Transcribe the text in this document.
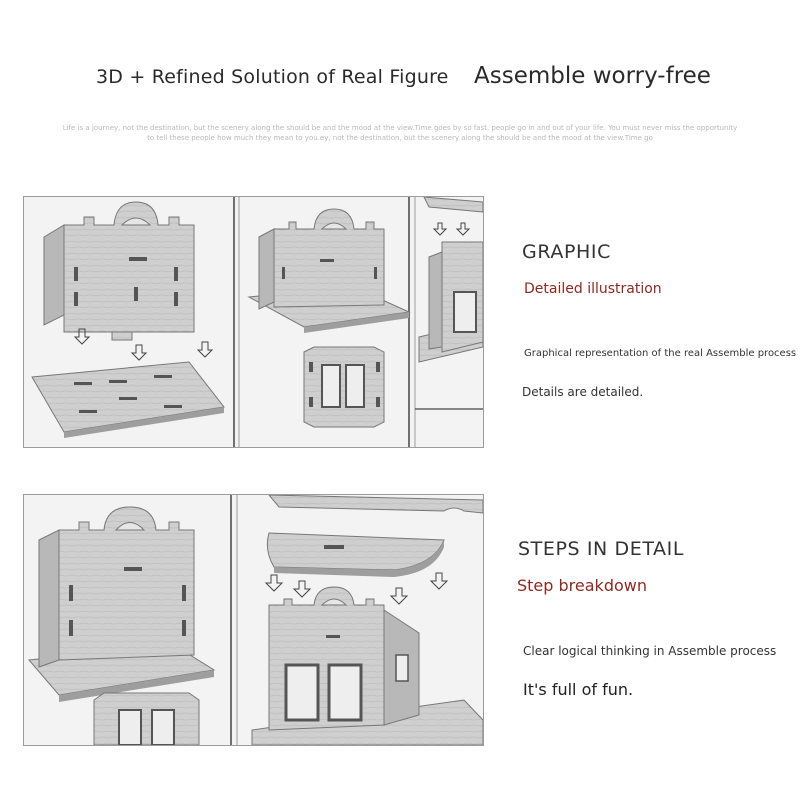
3D + Refined Solution of Real Figure Assemble worry-free
Life is a journey, not the destination, but the scenery along the should be and the mood at the view.Time goes by so fast, people go in and out of your life. You must never miss the opportunity to tell these people how much they mean to you.ey, not the destination, but the scenery along the should be and the mood at the view.Time go
GRAPHIC
Detailed illustration
Graphical representation of the real Assemble process
Details are detailed.
STEPS IN DETAIL
Step breakdown
Clear logical thinking in Assemble process
It's full of fun.
